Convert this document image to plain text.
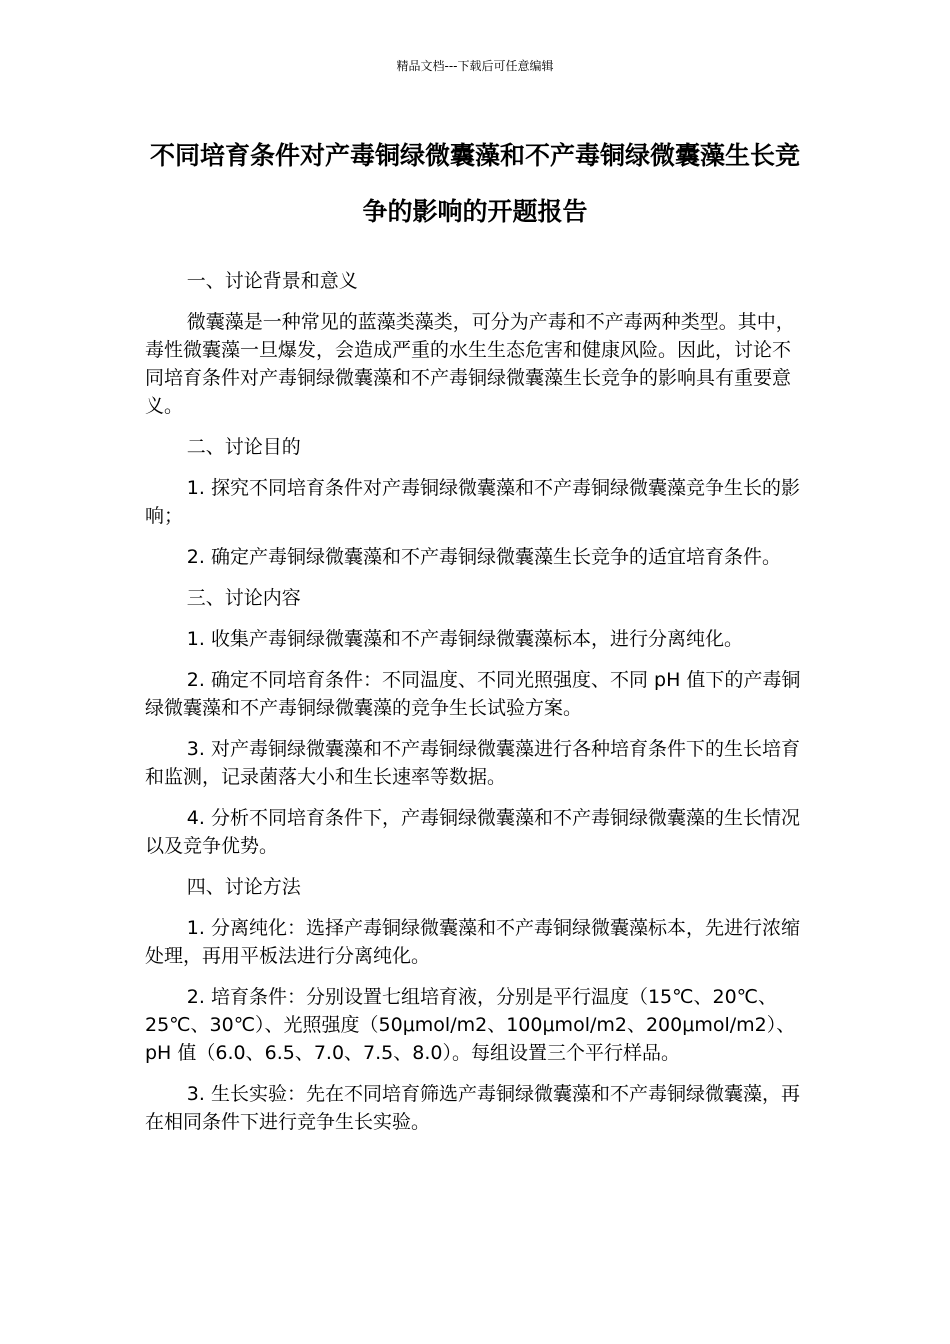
精品文档---下载后可任意编辑
不同培育条件对产毒铜绿微囊藻和不产毒铜绿微囊藻生长竞争的影响的开题报告

一、讨论背景和意义

微囊藻是一种常见的蓝藻类藻类，可分为产毒和不产毒两种类型。其中，毒性微囊藻一旦爆发，会造成严重的水生生态危害和健康风险。因此，讨论不同培育条件对产毒铜绿微囊藻和不产毒铜绿微囊藻生长竞争的影响具有重要意义。

二、讨论目的

1. 探究不同培育条件对产毒铜绿微囊藻和不产毒铜绿微囊藻竞争生长的影响；

2. 确定产毒铜绿微囊藻和不产毒铜绿微囊藻生长竞争的适宜培育条件。

三、讨论内容

1. 收集产毒铜绿微囊藻和不产毒铜绿微囊藻标本，进行分离纯化。

2. 确定不同培育条件：不同温度、不同光照强度、不同 pH 值下的产毒铜绿微囊藻和不产毒铜绿微囊藻的竞争生长试验方案。

3. 对产毒铜绿微囊藻和不产毒铜绿微囊藻进行各种培育条件下的生长培育和监测，记录菌落大小和生长速率等数据。

4. 分析不同培育条件下，产毒铜绿微囊藻和不产毒铜绿微囊藻的生长情况以及竞争优势。

四、讨论方法

1. 分离纯化：选择产毒铜绿微囊藻和不产毒铜绿微囊藻标本，先进行浓缩处理，再用平板法进行分离纯化。

2. 培育条件：分别设置七组培育液，分别是平行温度（15℃、20℃、25℃、30℃）、光照强度（50μmol/m2、100μmol/m2、200μmol/m2）、pH 值（6.0、6.5、7.0、7.5、8.0）。每组设置三个平行样品。

3. 生长实验：先在不同培育筛选产毒铜绿微囊藻和不产毒铜绿微囊藻，再在相同条件下进行竞争生长实验。
